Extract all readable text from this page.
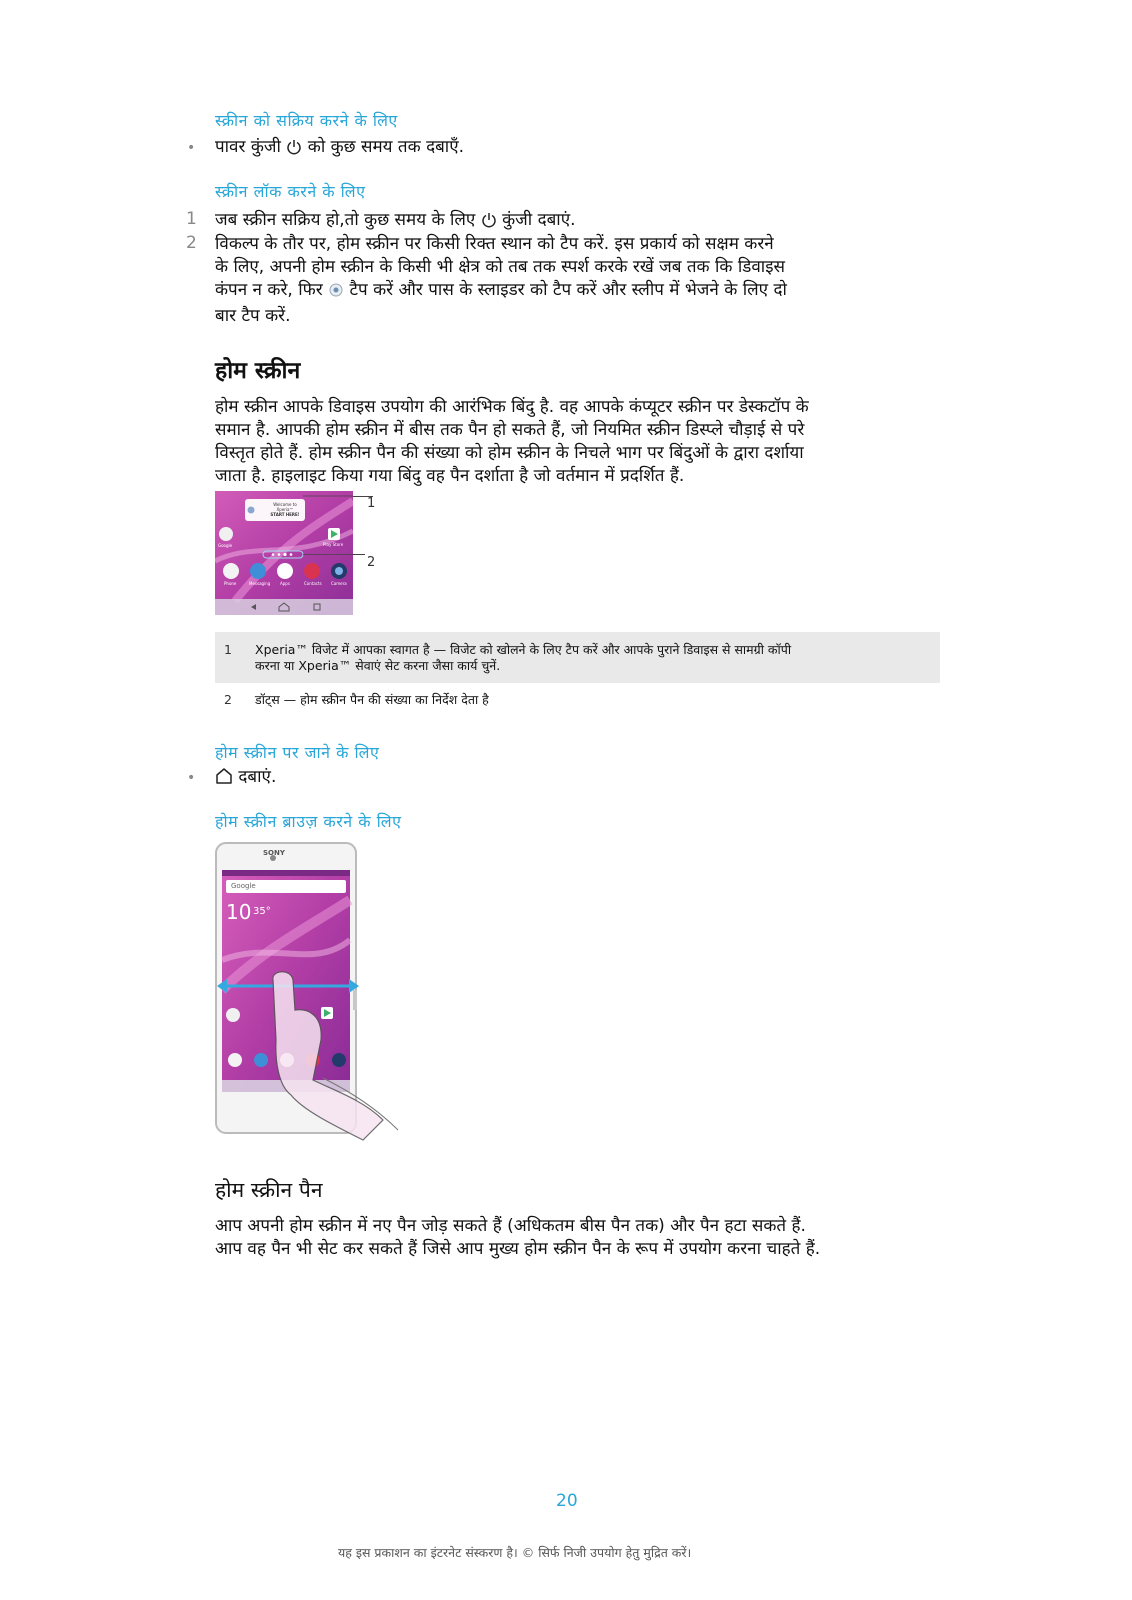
स्क्रीन को सक्रिय करने के लिए
• पावर कुंजी को कुछ समय तक दबाएँ.
स्क्रीन लॉक करने के लिए
1 जब स्क्रीन सक्रिय हो,तो कुछ समय के लिए कुंजी दबाएं.
2 विकल्प के तौर पर, होम स्क्रीन पर किसी रिक्त स्थान को टैप करें. इस प्रकार्य को सक्षम करने
के लिए, अपनी होम स्क्रीन के किसी भी क्षेत्र को तब तक स्पर्श करके रखें जब तक कि डिवाइस
कंपन न करे, फिर टैप करें और पास के स्लाइडर को टैप करें और स्लीप में भेजने के लिए दो
बार टैप करें.
होम स्क्रीन
होम स्क्रीन आपके डिवाइस उपयोग की आरंभिक बिंदु है. वह आपके कंप्यूटर स्क्रीन पर डेस्कटॉप के
समान है. आपकी होम स्क्रीन में बीस तक पैन हो सकते हैं, जो नियमित स्क्रीन डिस्प्ले चौड़ाई से परे
विस्तृत होते हैं. होम स्क्रीन पैन की संख्या को होम स्क्रीन के निचले भाग पर बिंदुओं के द्वारा दर्शाया
जाता है. हाइलाइट किया गया बिंदु वह पैन दर्शाता है जो वर्तमान में प्रदर्शित हैं.
Welcome to Xperia™
START HERE!
Google	Play Store
Phone	Messaging Apps	Contacts Camera
1
2
1 Xperia™ विजेट में आपका स्वागत है — विजेट को खोलने के लिए टैप करें और आपके पुराने डिवाइस से सामग्री कॉपी
करना या Xperia™ सेवाएं सेट करना जैसा कार्य चुनें.
2 डॉट्स — होम स्क्रीन पैन की संख्या का निर्देश देता है
होम स्क्रीन पर जाने के लिए
•	दबाएं.
होम स्क्रीन ब्राउज़ करने के लिए
SONY
Google
10 35°
होम स्क्रीन पैन
आप अपनी होम स्क्रीन में नए पैन जोड़ सकते हैं (अधिकतम बीस पैन तक) और पैन हटा सकते हैं.
आप वह पैन भी सेट कर सकते हैं जिसे आप मुख्य होम स्क्रीन पैन के रूप में उपयोग करना चाहते हैं.
20
यह इस प्रकाशन का इंटरनेट संस्करण है। © सिर्फ निजी उपयोग हेतु मुद्रित करें।
